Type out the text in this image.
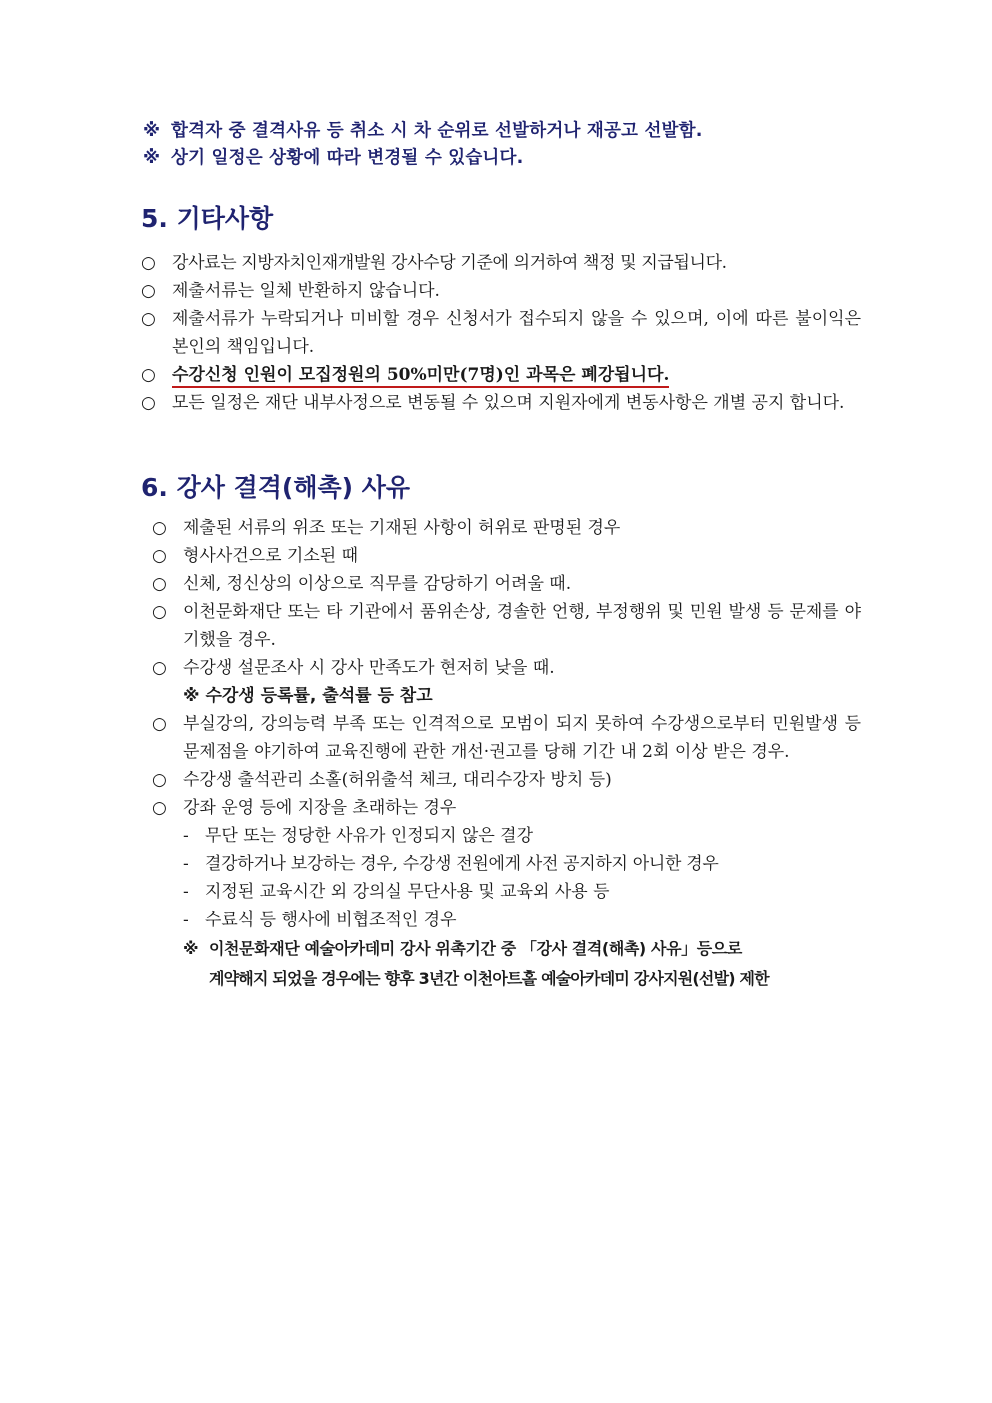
※ 합격자 중 결격사유 등 취소 시 차 순위로 선발하거나 재공고 선발함.
※ 상기 일정은 상황에 따라 변경될 수 있습니다.
5. 기타사항
○ 강사료는 지방자치인재개발원 강사수당 기준에 의거하여 책정 및 지급됩니다.
○ 제출서류는 일체 반환하지 않습니다.
○ 제출서류가 누락되거나 미비할 경우 신청서가 접수되지 않을 수 있으며, 이에 따른 불이익은 본인의 책임입니다.
○ 수강신청 인원이 모집정원의 50%미만(7명)인 과목은 폐강됩니다.
○ 모든 일정은 재단 내부사정으로 변동될 수 있으며 지원자에게 변동사항은 개별 공지 합니다.
6. 강사 결격(해촉) 사유
○ 제출된 서류의 위조 또는 기재된 사항이 허위로 판명된 경우
○ 형사사건으로 기소된 때
○ 신체, 정신상의 이상으로 직무를 감당하기 어려울 때.
○ 이천문화재단 또는 타 기관에서 품위손상, 경솔한 언행, 부정행위 및 민원 발생 등 문제를 야기했을 경우.
○ 수강생 설문조사 시 강사 만족도가 현저히 낮을 때.
※ 수강생 등록률, 출석률 등 참고
○ 부실강의, 강의능력 부족 또는 인격적으로 모범이 되지 못하여 수강생으로부터 민원발생 등 문제점을 야기하여 교육진행에 관한 개선·권고를 당해 기간 내 2회 이상 받은 경우.
○ 수강생 출석관리 소홀(허위출석 체크, 대리수강자 방치 등)
○ 강좌 운영 등에 지장을 초래하는 경우
- 무단 또는 정당한 사유가 인정되지 않은 결강
- 결강하거나 보강하는 경우, 수강생 전원에게 사전 공지하지 아니한 경우
- 지정된 교육시간 외 강의실 무단사용 및 교육외 사용 등
- 수료식 등 행사에 비협조적인 경우
※ 이천문화재단 예술아카데미 강사 위촉기간 중 「강사 결격(해촉) 사유」등으로
계약해지 되었을 경우에는 향후 3년간 이천아트홀 예술아카데미 강사지원(선발) 제한
